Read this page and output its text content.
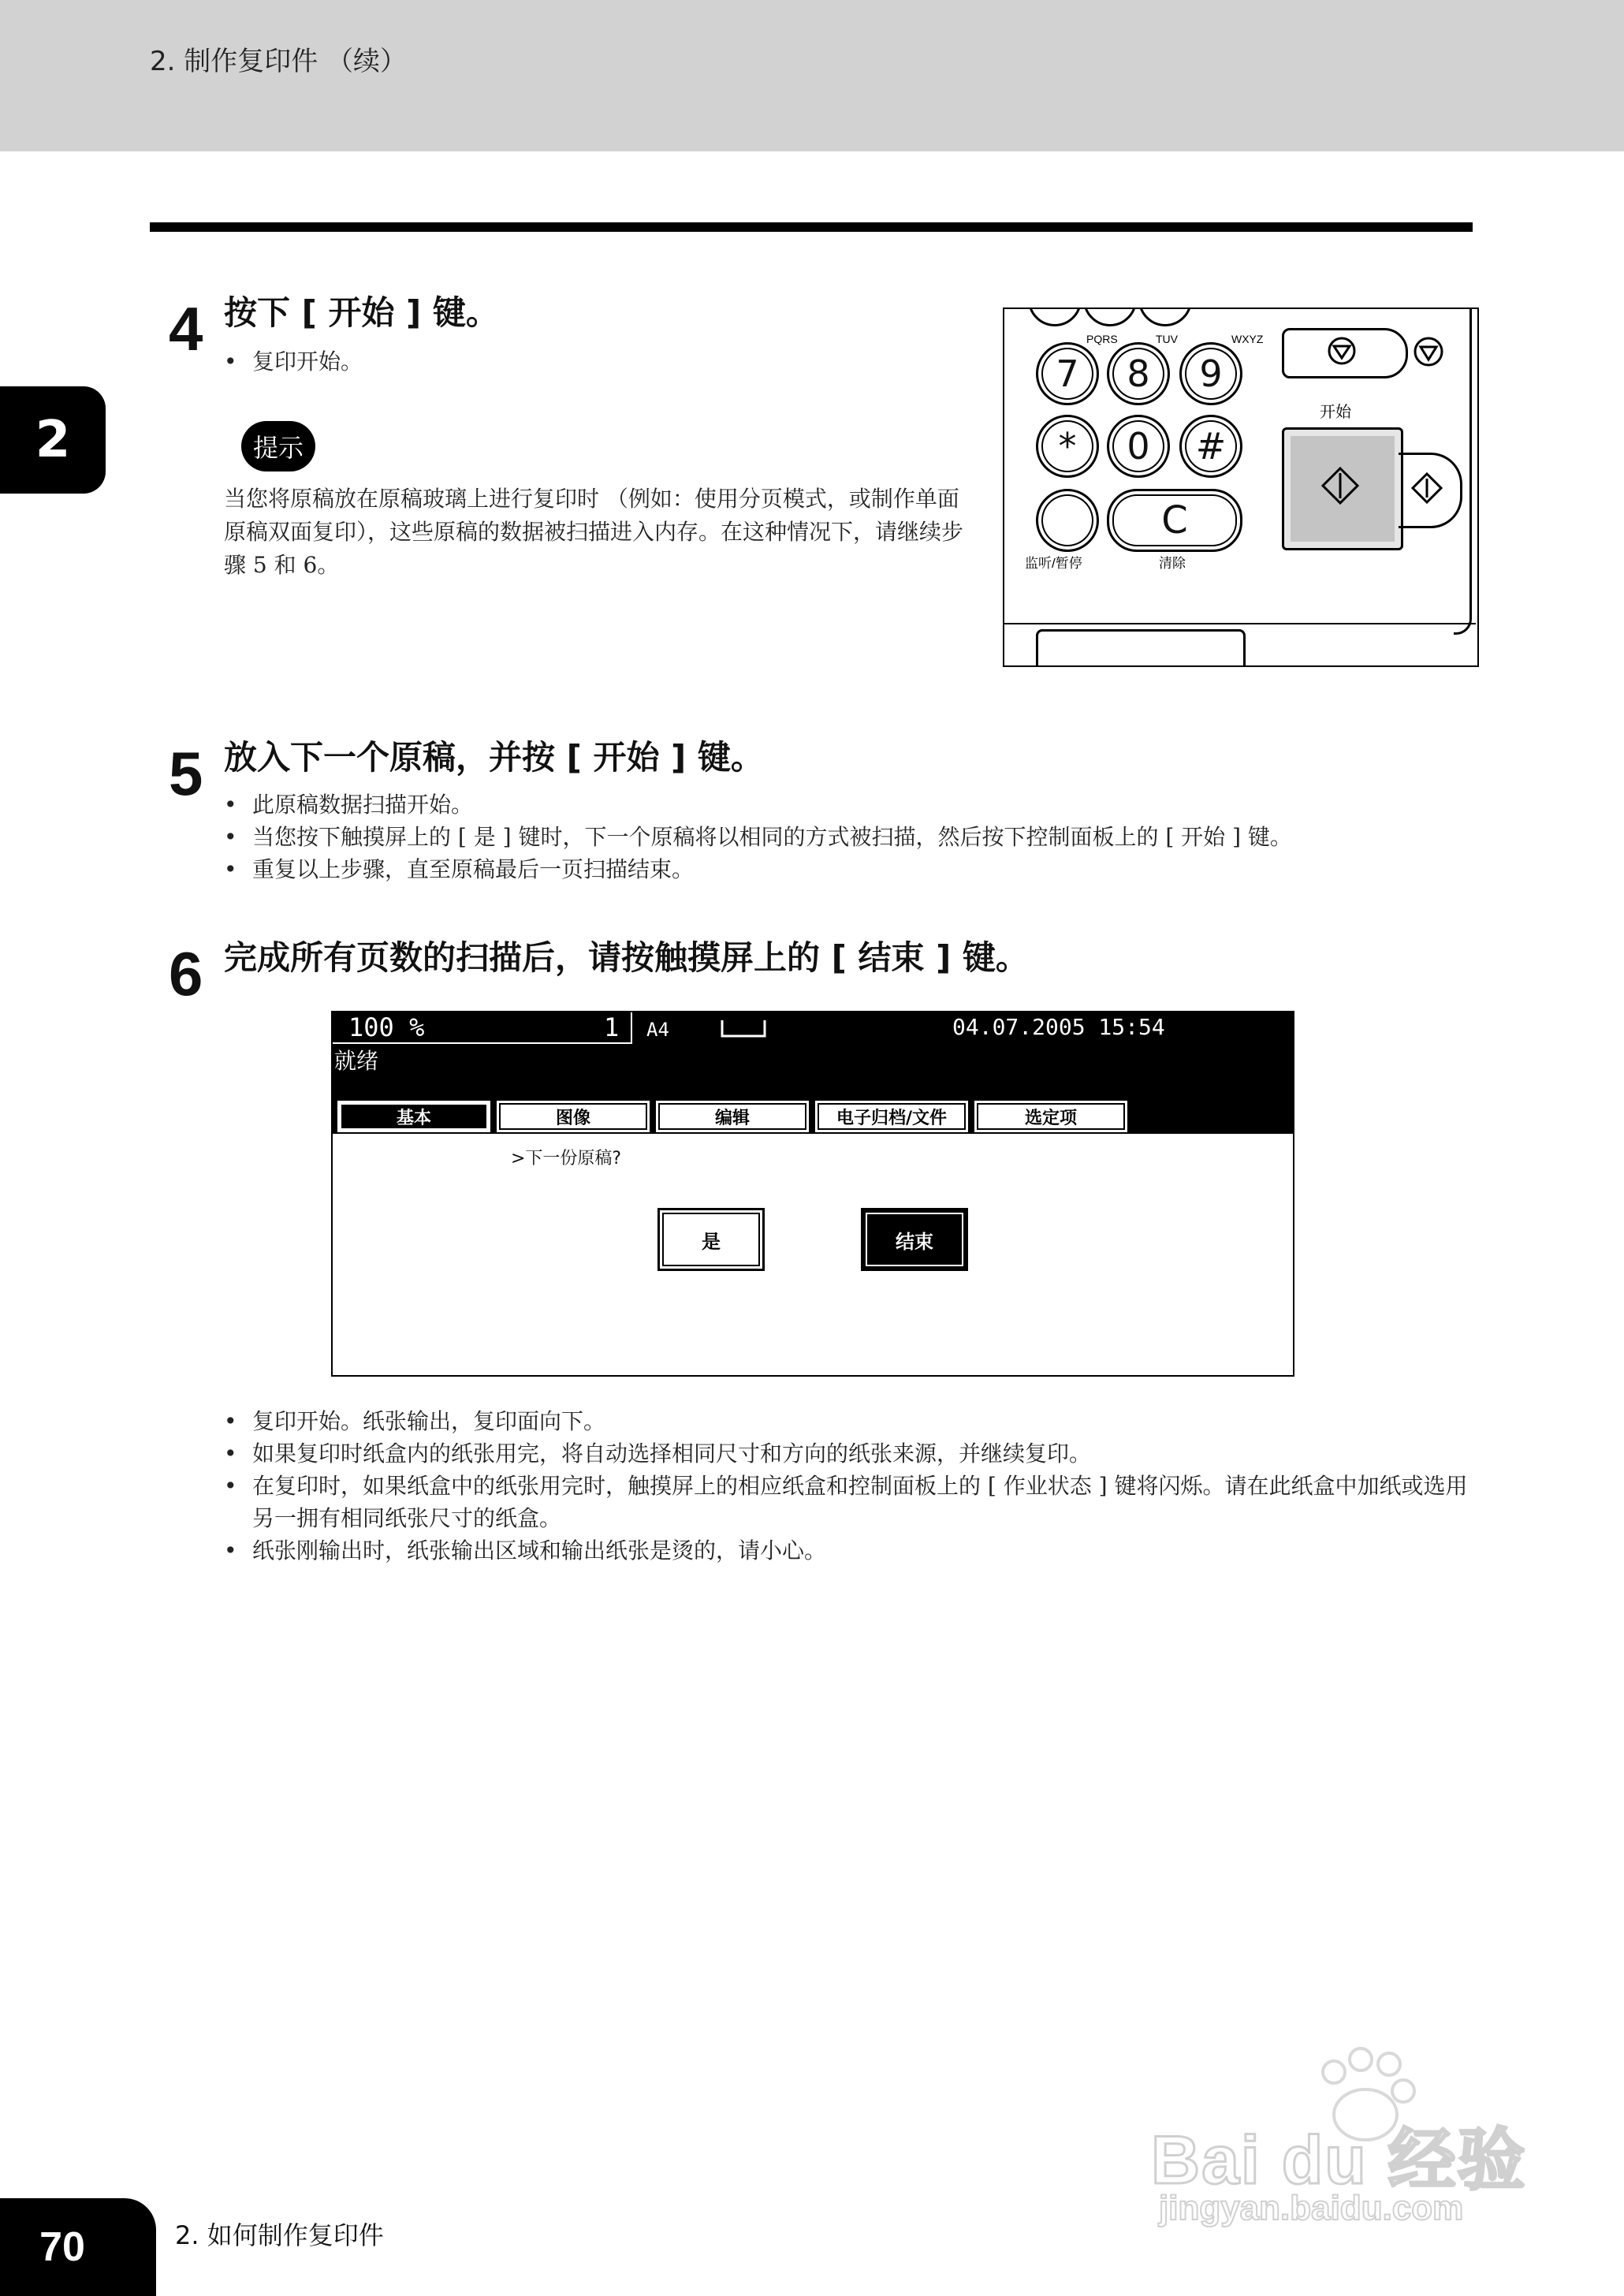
2. 制作复印件 （续）
2
4 按下 [ 开始 ] 键。
• 复印开始。
提示
当您将原稿放在原稿玻璃上进行复印时 （例如：使用分页模式，或制作单面原稿双面复印），这些原稿的数据被扫描进入内存。在这种情况下，请继续步骤 5 和 6。
PQRS	TUV	WXYZ
7	8	9
*	0	#
C
监听/暂停	清除
开始
5 放入下一个原稿，并按 [ 开始 ] 键。
• 此原稿数据扫描开始。
• 当您按下触摸屏上的 [ 是 ] 键时，下一个原稿将以相同的方式被扫描，然后按下控制面板上的 [ 开始 ] 键。
• 重复以上步骤，直至原稿最后一页扫描结束。
6 完成所有页数的扫描后，请按触摸屏上的 [ 结束 ] 键。
100 %	1 A4	04.07.2005 15:54
就绪
基本	图像	编辑	电子归档/文件	选定项
>下一份原稿?
是	结束
• 复印开始。纸张输出，复印面向下。
• 如果复印时纸盒内的纸张用完，将自动选择相同尺寸和方向的纸张来源，并继续复印。
• 在复印时，如果纸盒中的纸张用完时，触摸屏上的相应纸盒和控制面板上的 [ 作业状态 ] 键将闪烁。请在此纸盒中加纸或选用另一拥有相同纸张尺寸的纸盒。
• 纸张刚输出时，纸张输出区域和输出纸张是烫的，请小心。
Bai du 经验
jingyan.baidu.com
70	2. 如何制作复印件
